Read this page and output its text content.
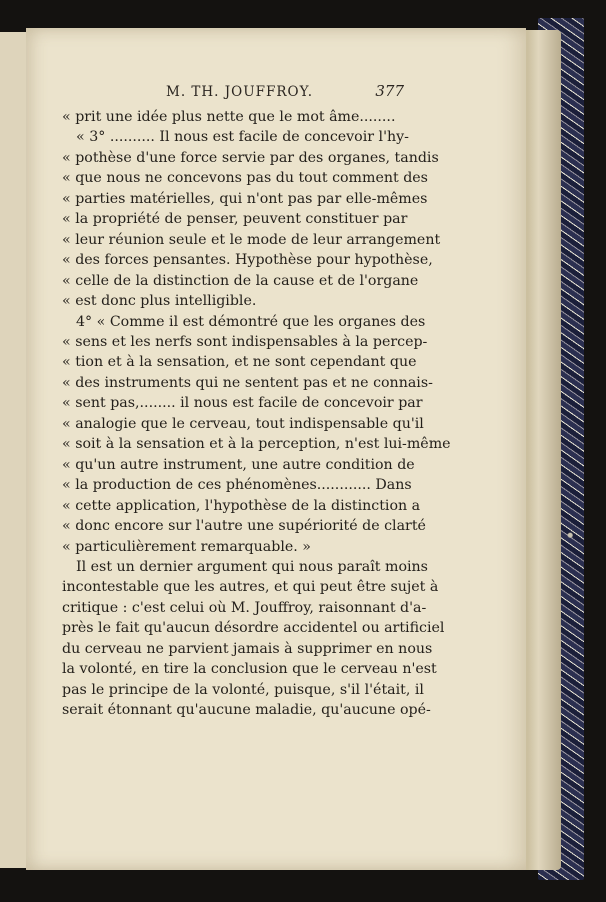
M. TH. JOUFFROY.	377
« prit une idée plus nette que le mot âme........
« 3° .......... Il nous est facile de concevoir l'hy-
« pothèse d'une force servie par des organes, tandis
« que nous ne concevons pas du tout comment des
« parties matérielles, qui n'ont pas par elle-mêmes
« la propriété de penser, peuvent constituer par
« leur réunion seule et le mode de leur arrangement
« des forces pensantes. Hypothèse pour hypothèse,
« celle de la distinction de la cause et de l'organe
« est donc plus intelligible.
4° « Comme il est démontré que les organes des
« sens et les nerfs sont indispensables à la percep-
« tion et à la sensation, et ne sont cependant que
« des instruments qui ne sentent pas et ne connais-
« sent pas,........ il nous est facile de concevoir par
« analogie que le cerveau, tout indispensable qu'il
« soit à la sensation et à la perception, n'est lui-même
« qu'un autre instrument, une autre condition de
« la production de ces phénomènes............ Dans
« cette application, l'hypothèse de la distinction a
« donc encore sur l'autre une supériorité de clarté
« particulièrement remarquable. »
Il est un dernier argument qui nous paraît moins
incontestable que les autres, et qui peut être sujet à
critique : c'est celui où M. Jouffroy, raisonnant d'a-
près le fait qu'aucun désordre accidentel ou artificiel
du cerveau ne parvient jamais à supprimer en nous
la volonté, en tire la conclusion que le cerveau n'est
pas le principe de la volonté, puisque, s'il l'était, il
serait étonnant qu'aucune maladie, qu'aucune opé-
